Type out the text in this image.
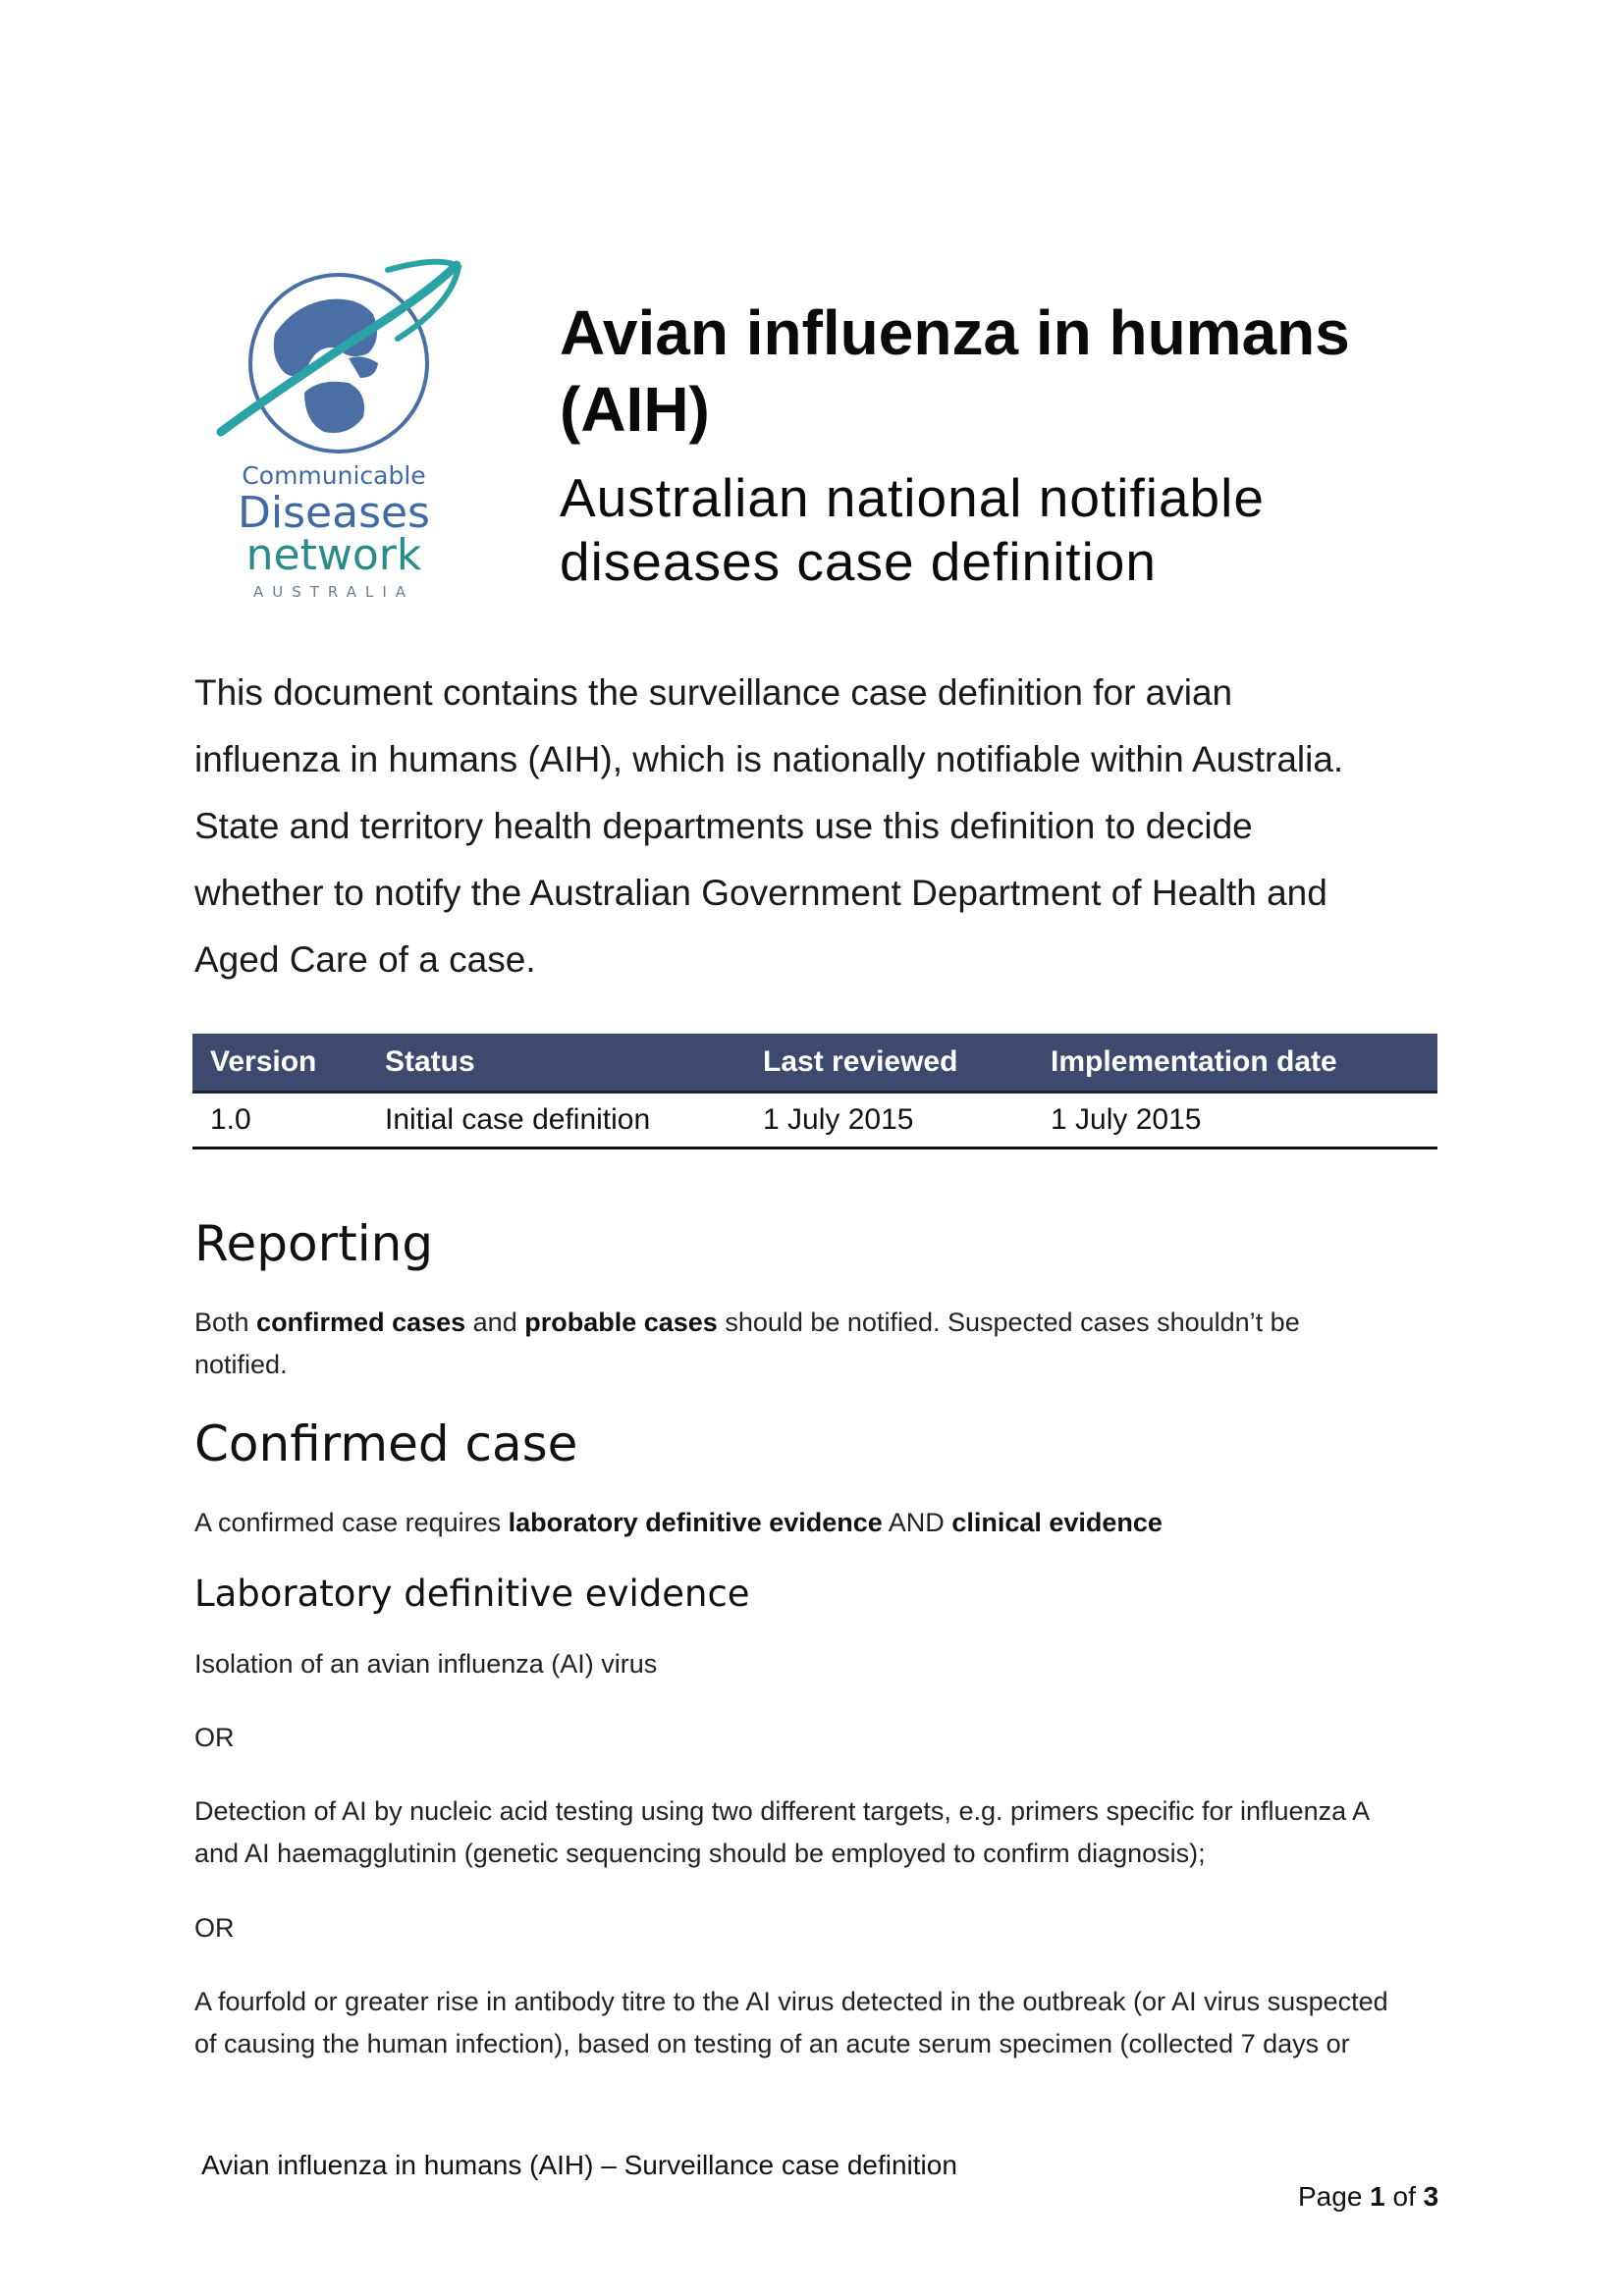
Communicable
Diseases
network
AUSTRALIA
Avian influenza in humans
(AIH)
Australian national notifiable
diseases case definition

This document contains the surveillance case definition for avian
influenza in humans (AIH), which is nationally notifiable within Australia.
State and territory health departments use this definition to decide
whether to notify the Australian Government Department of Health and
Aged Care of a case.

Version	Status	Last reviewed	Implementation date
1.0	Initial case definition	1 July 2015	1 July 2015
Reporting

Both confirmed cases and probable cases should be notified. Suspected cases shouldn’t be
notified.

Confirmed case

A confirmed case requires laboratory definitive evidence AND clinical evidence

Laboratory definitive evidence

Isolation of an avian influenza (AI) virus

OR

Detection of AI by nucleic acid testing using two different targets, e.g. primers specific for influenza A
and AI haemagglutinin (genetic sequencing should be employed to confirm diagnosis);

OR

A fourfold or greater rise in antibody titre to the AI virus detected in the outbreak (or AI virus suspected
of causing the human infection), based on testing of an acute serum specimen (collected 7 days or

Avian influenza in humans (AIH) – Surveillance case definition

Page 1 of 3
